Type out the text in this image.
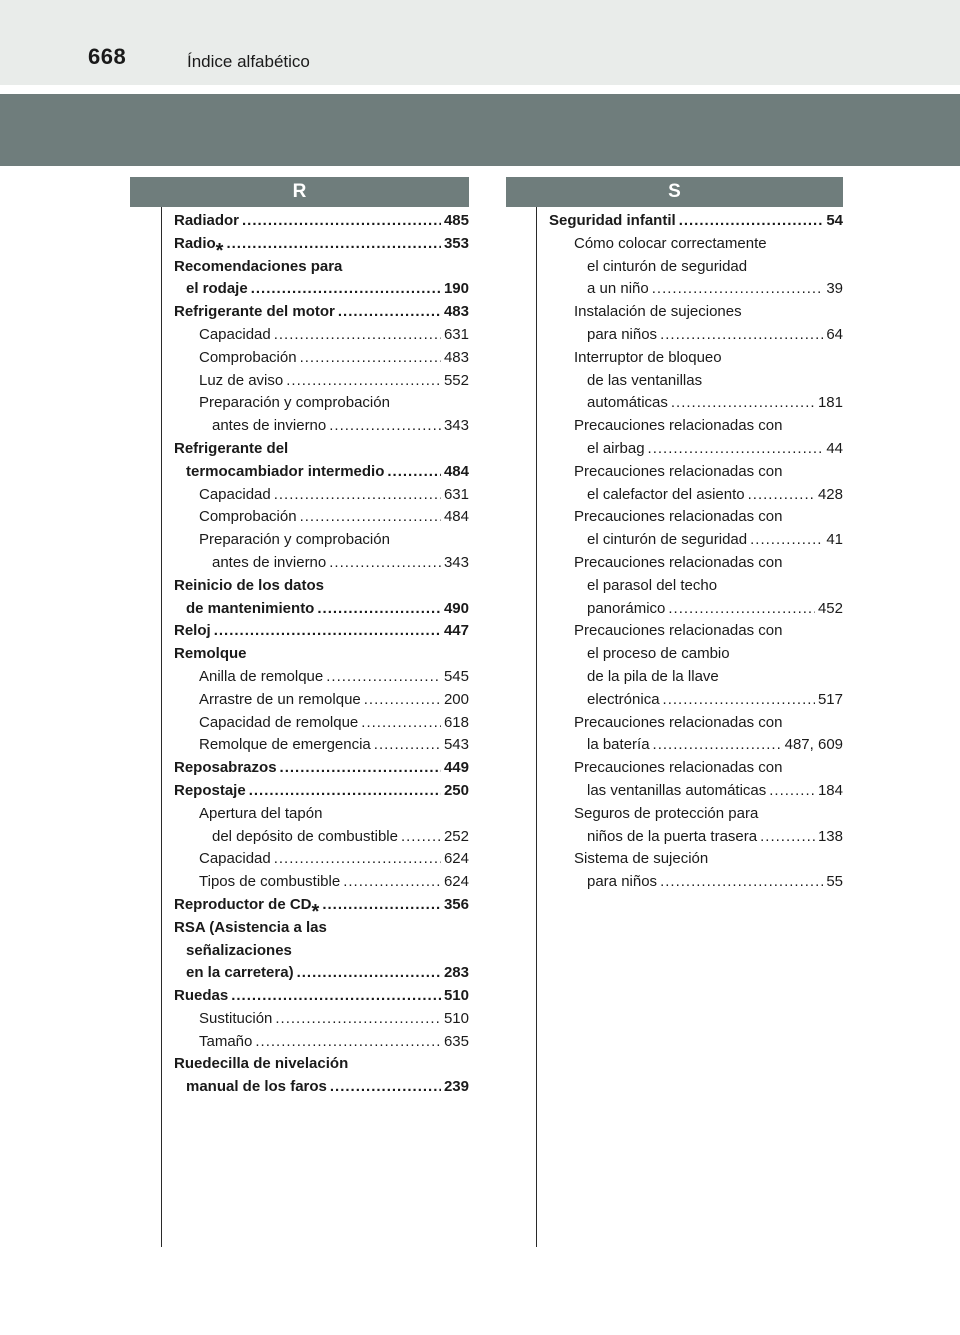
668	Índice alfabético
R	S
Radiador .....	485
Radio * .....	353
Recomendaciones para
el rodaje .....	190
Refrigerante del motor .....	483
Capacidad .....	631
Comprobación .....	483
Luz de aviso .....	552
Preparación y comprobación
antes de invierno .....	343
Refrigerante del
termocambiador intermedio .....	484
Capacidad .....	631
Comprobación .....	484
Preparación y comprobación
antes de invierno .....	343
Reinicio de los datos
de mantenimiento .....	490
Reloj .....	447
Remolque
Anilla de remolque .....	545
Arrastre de un remolque .....	200
Capacidad de remolque .....	618
Remolque de emergencia .....	543
Reposabrazos .....	449
Repostaje .....	250
Apertura del tapón
del depósito de combustible .....	252
Capacidad .....	624
Tipos de combustible .....	624
Reproductor de CD * .....	356
RSA (Asistencia a las
señalizaciones
en la carretera) .....	283
Ruedas .....	510
Sustitución .....	510
Tamaño .....	635
Ruedecilla de nivelación
manual de los faros .....	239
Seguridad infantil .....	54
Cómo colocar correctamente
el cinturón de seguridad
a un niño .....	39
Instalación de sujeciones
para niños .....	64
Interruptor de bloqueo
de las ventanillas
automáticas .....	181
Precauciones relacionadas con
el airbag .....	44
Precauciones relacionadas con
el calefactor del asiento .....	428
Precauciones relacionadas con
el cinturón de seguridad .....	41
Precauciones relacionadas con
el parasol del techo
panorámico .....	452
Precauciones relacionadas con
el proceso de cambio
de la pila de la llave
electrónica .....	517
Precauciones relacionadas con
la batería .....	487, 609
Precauciones relacionadas con
las ventanillas automáticas .....	184
Seguros de protección para
niños de la puerta trasera .....	138
Sistema de sujeción
para niños .....	55
